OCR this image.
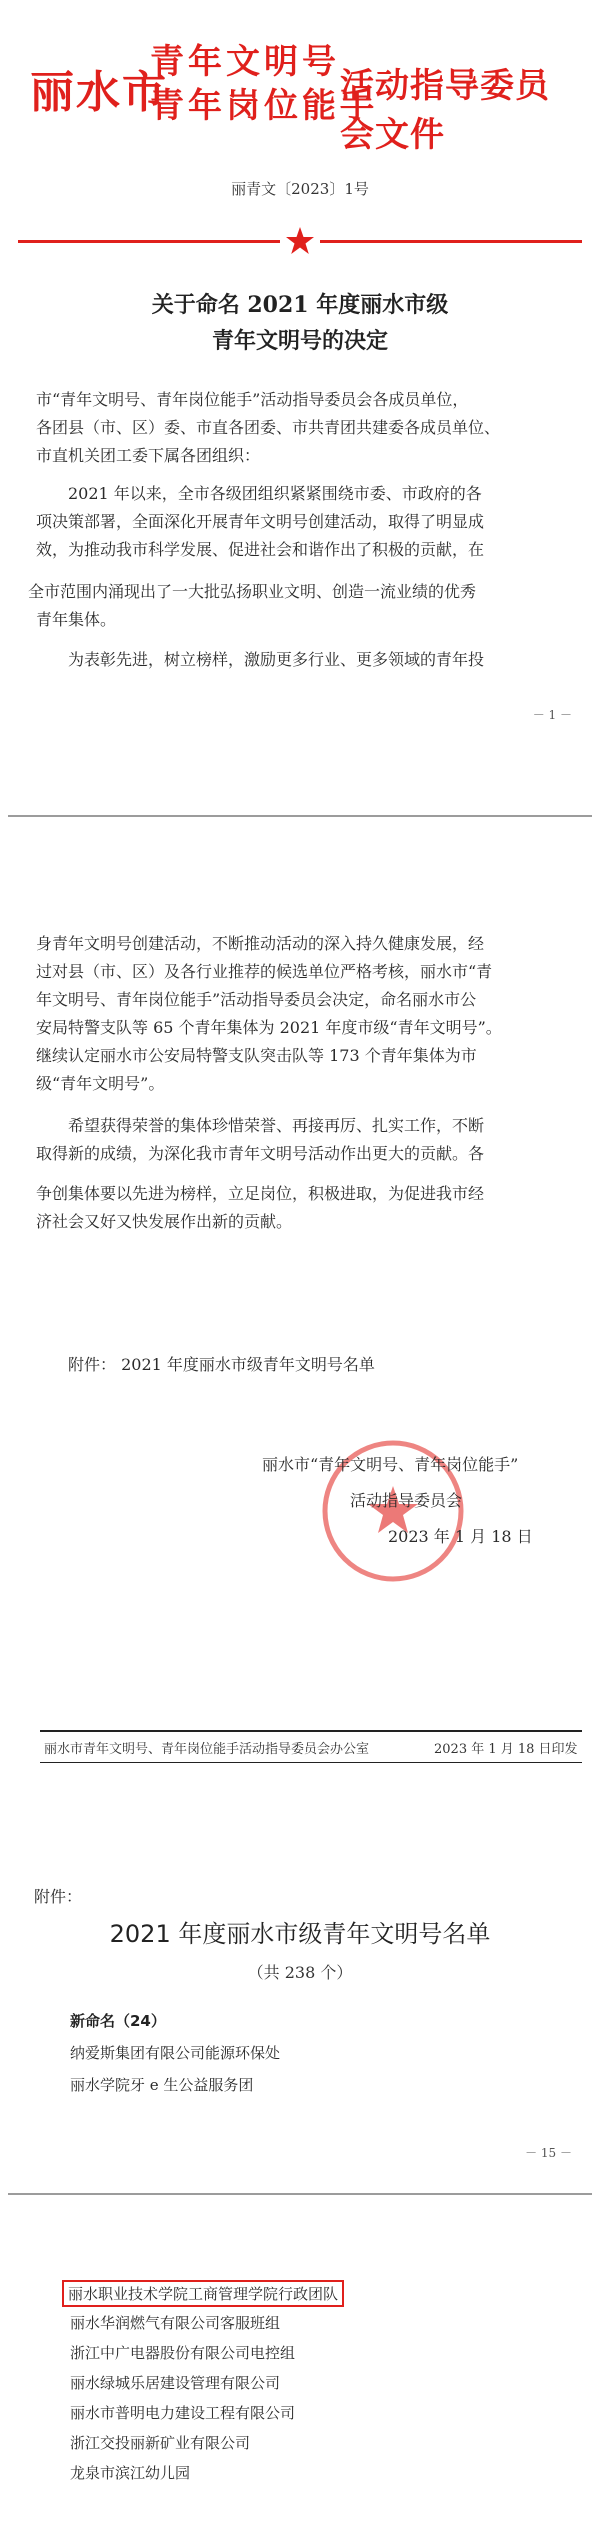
丽水市
青年文明号
青年岗位能手
活动指导委员会文件
丽青文〔2023〕1号
关于命名 2021 年度丽水市级
青年文明号的决定
市“青年文明号、青年岗位能手”活动指导委员会各成员单位，
各团县（市、区）委、市直各团委、市共青团共建委各成员单位、
市直机关团工委下属各团组织：
2021 年以来，全市各级团组织紧紧围绕市委、市政府的各
项决策部署，全面深化开展青年文明号创建活动，取得了明显成
效，为推动我市科学发展、促进社会和谐作出了积极的贡献，在
全市范围内涌现出了一大批弘扬职业文明、创造一流业绩的优秀
青年集体。
为表彰先进，树立榜样，激励更多行业、更多领域的青年投
－ 1 －
身青年文明号创建活动，不断推动活动的深入持久健康发展，经
过对县（市、区）及各行业推荐的候选单位严格考核，丽水市“青
年文明号、青年岗位能手”活动指导委员会决定，命名丽水市公
安局特警支队等 65 个青年集体为 2021 年度市级“青年文明号”。
继续认定丽水市公安局特警支队突击队等 173 个青年集体为市
级“青年文明号”。
希望获得荣誉的集体珍惜荣誉、再接再厉、扎实工作，不断
取得新的成绩，为深化我市青年文明号活动作出更大的贡献。各
争创集体要以先进为榜样，立足岗位，积极进取，为促进我市经
济社会又好又快发展作出新的贡献。
附件： 2021 年度丽水市级青年文明号名单
丽水市“青年文明号、青年岗位能手”
活动指导委员会
2023 年 1 月 18 日
丽水市青年文明号、青年岗位能手活动指导委员会办公室	2023 年 1 月 18 日印发
附件：
2021 年度丽水市级青年文明号名单
（共 238 个）
新命名（24）
纳爱斯集团有限公司能源环保处
丽水学院牙 e 生公益服务团
－ 15 －
丽水职业技术学院工商管理学院行政团队
丽水华润燃气有限公司客服班组
浙江中广电器股份有限公司电控组
丽水绿城乐居建设管理有限公司
丽水市普明电力建设工程有限公司
浙江交投丽新矿业有限公司
龙泉市滨江幼儿园
